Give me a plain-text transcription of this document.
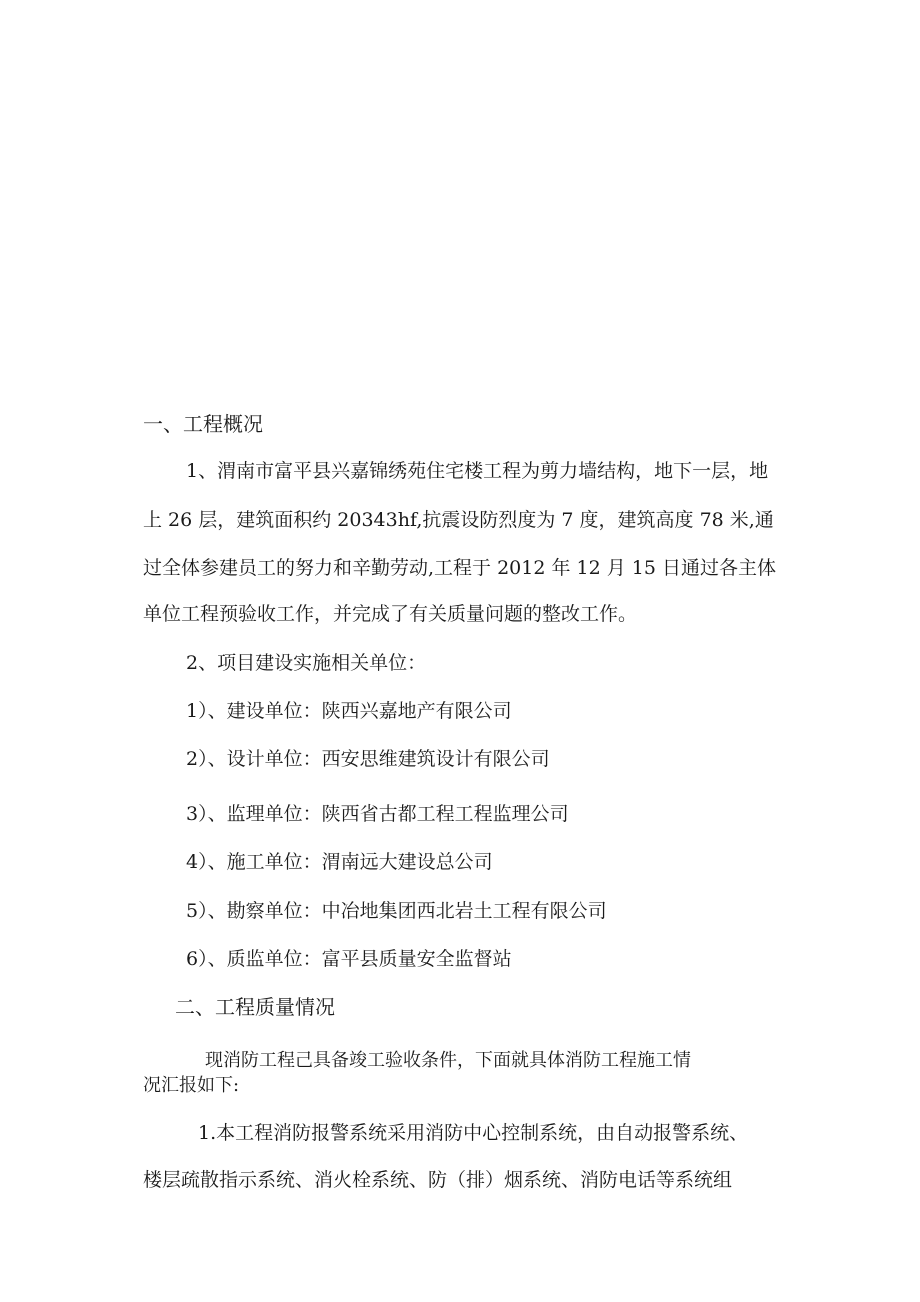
一、工程概况
1、渭南市富平县兴嘉锦绣苑住宅楼工程为剪力墙结构，地下一层，地
上 26 层，建筑面积约 20343hf,抗震设防烈度为 7 度，建筑高度 78 米,通
过全体参建员工的努力和辛勤劳动,工程于 2012 年 12 月 15 日通过各主体
单位工程预验收工作，并完成了有关质量问题的整改工作。
2、项目建设实施相关单位：
1）、建设单位：陕西兴嘉地产有限公司
2）、设计单位：西安思维建筑设计有限公司
3）、监理单位：陕西省古都工程工程监理公司
4）、施工单位：渭南远大建设总公司
5）、勘察单位：中冶地集团西北岩土工程有限公司
6）、质监单位：富平县质量安全监督站
二、工程质量情况
现消防工程己具备竣工验收条件，下面就具体消防工程施工情
况汇报如下:
1.本工程消防报警系统采用消防中心控制系统，由自动报警系统、
楼层疏散指示系统、消火栓系统、防（排）烟系统、消防电话等系统组
